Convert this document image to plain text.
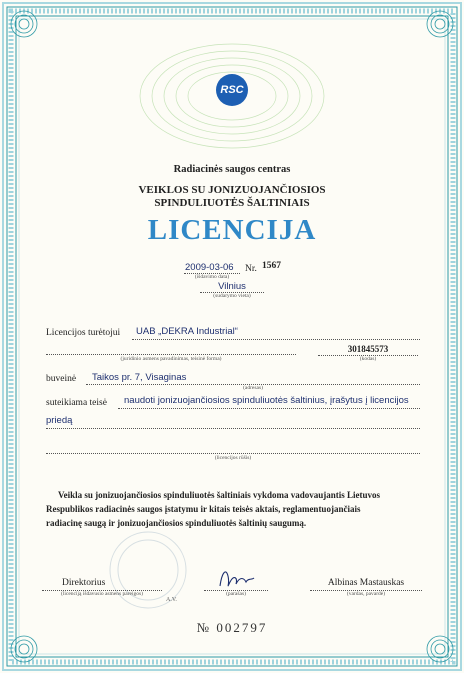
RSC
Radiacinės saugos centras
VEIKLOS SU JONIZUOJANČIOSIOS
SPINDULIUOTĖS ŠALTINIAIS
LICENCIJA
2009-03-06
(išdavimo data)
Nr. 1567
Vilnius
(sudarymo vieta)
Licencijos turėtojui UAB „DEKRA Industrial“
(juridinio asmens pavadinimas, teisinė forma)
301845573
(kodas)
buveinė Taikos pr. 7, Visaginas
(adresas)
suteikiama teisė naudoti jonizuojančiosios spinduliuotės šaltinius, įrašytus į licencijos
priedą
(licencijos rūšis)
Veikla su jonizuojančiosios spinduliuotės šaltiniais vykdoma vadovaujantis Lietuvos
Respublikos radiacinės saugos įstatymu ir kitais teisės aktais, reglamentuojančiais
radiacinę saugą ir jonizuojančiosios spinduliuotės šaltinių saugumą.
Direktorius
(licenciją išdavusio asmens pareigos)
A.V.
(parašas)
Albinas Mastauskas
(vardas, pavardė)
№ 002797
